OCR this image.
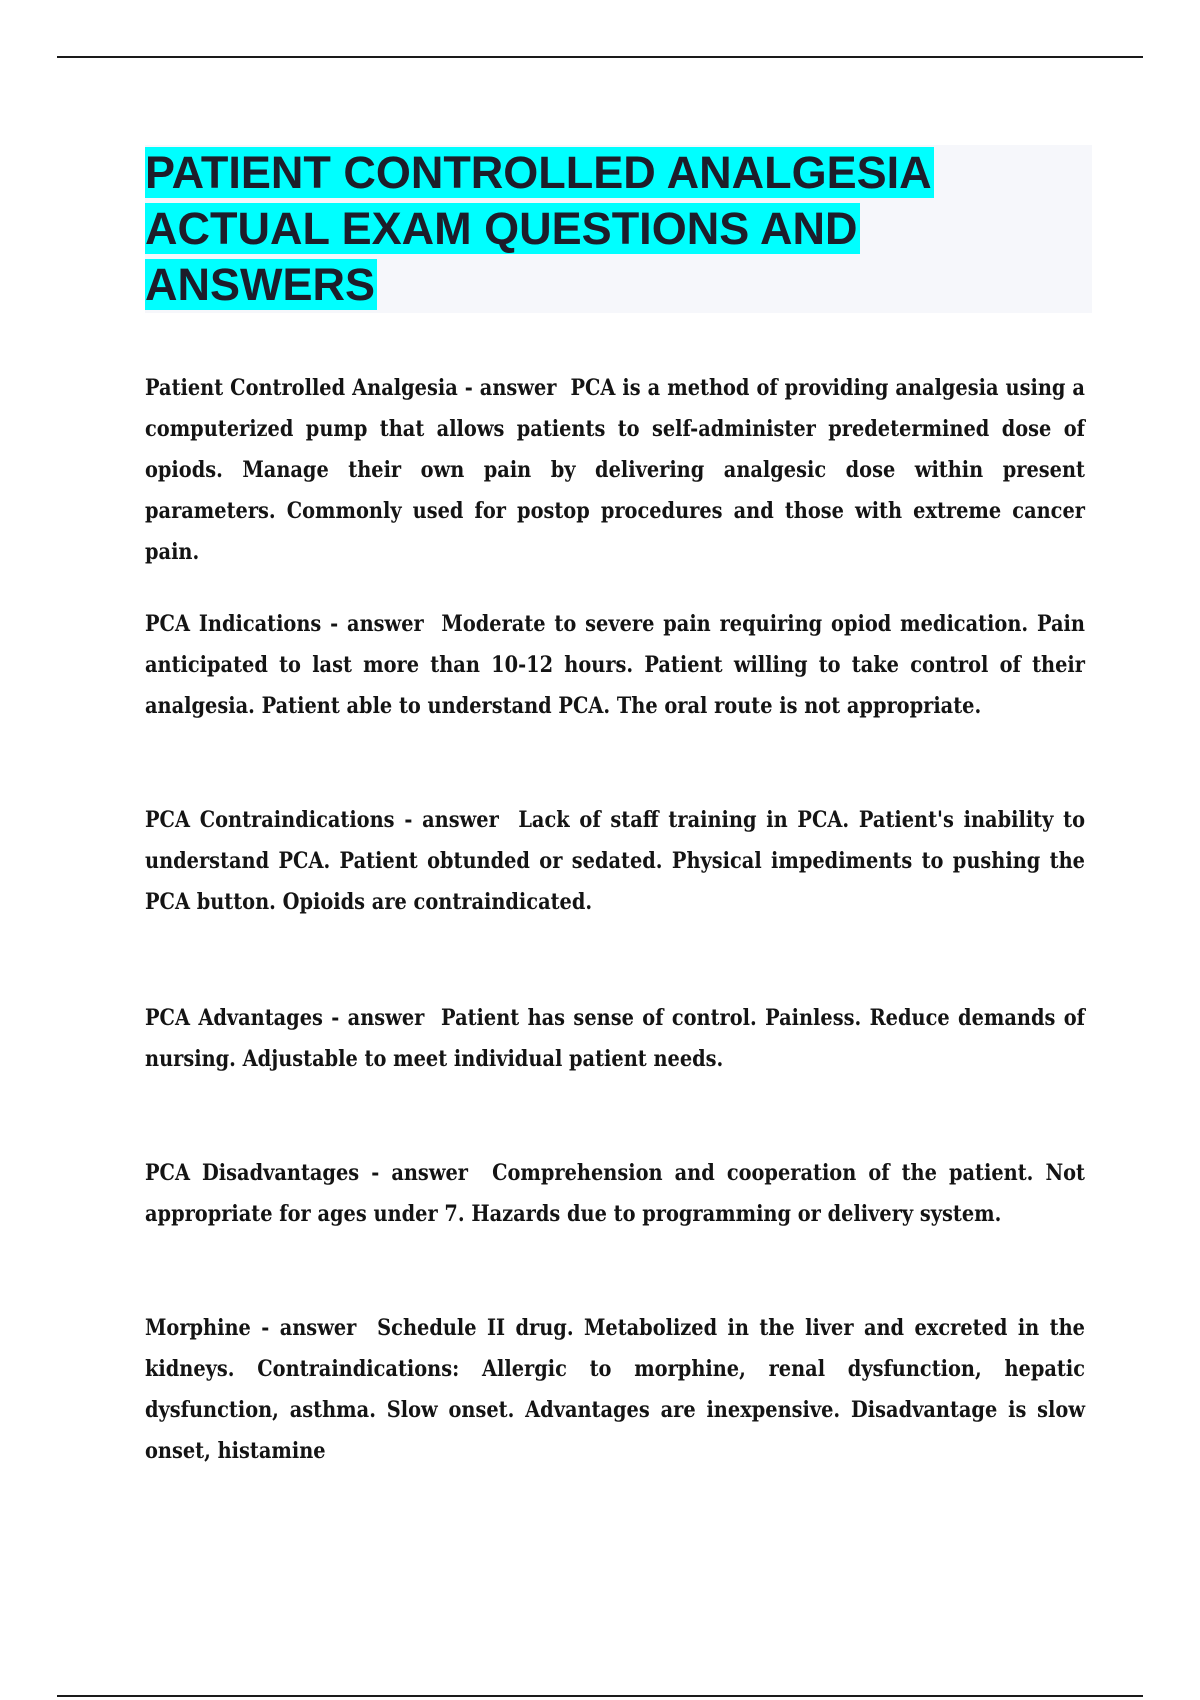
PATIENT CONTROLLED ANALGESIA
ACTUAL EXAM QUESTIONS AND
ANSWERS

Patient Controlled Analgesia - answer  PCA is a method of providing analgesia using a computerized pump that allows patients to self-administer predetermined dose of opiods. Manage their own pain by delivering analgesic dose within present parameters. Commonly used for postop procedures and those with extreme cancer pain.

PCA Indications - answer  Moderate to severe pain requiring opiod medication. Pain anticipated to last more than 10-12 hours. Patient willing to take control of their analgesia. Patient able to understand PCA. The oral route is not appropriate.

PCA Contraindications - answer  Lack of staff training in PCA. Patient's inability to understand PCA. Patient obtunded or sedated. Physical impediments to pushing the PCA button. Opioids are contraindicated.

PCA Advantages - answer  Patient has sense of control. Painless. Reduce demands of nursing. Adjustable to meet individual patient needs.

PCA Disadvantages - answer  Comprehension and cooperation of the patient. Not appropriate for ages under 7. Hazards due to programming or delivery system.

Morphine - answer  Schedule II drug. Metabolized in the liver and excreted in the kidneys. Contraindications: Allergic to morphine, renal dysfunction, hepatic dysfunction, asthma. Slow onset. Advantages are inexpensive. Disadvantage is slow onset, histamine
